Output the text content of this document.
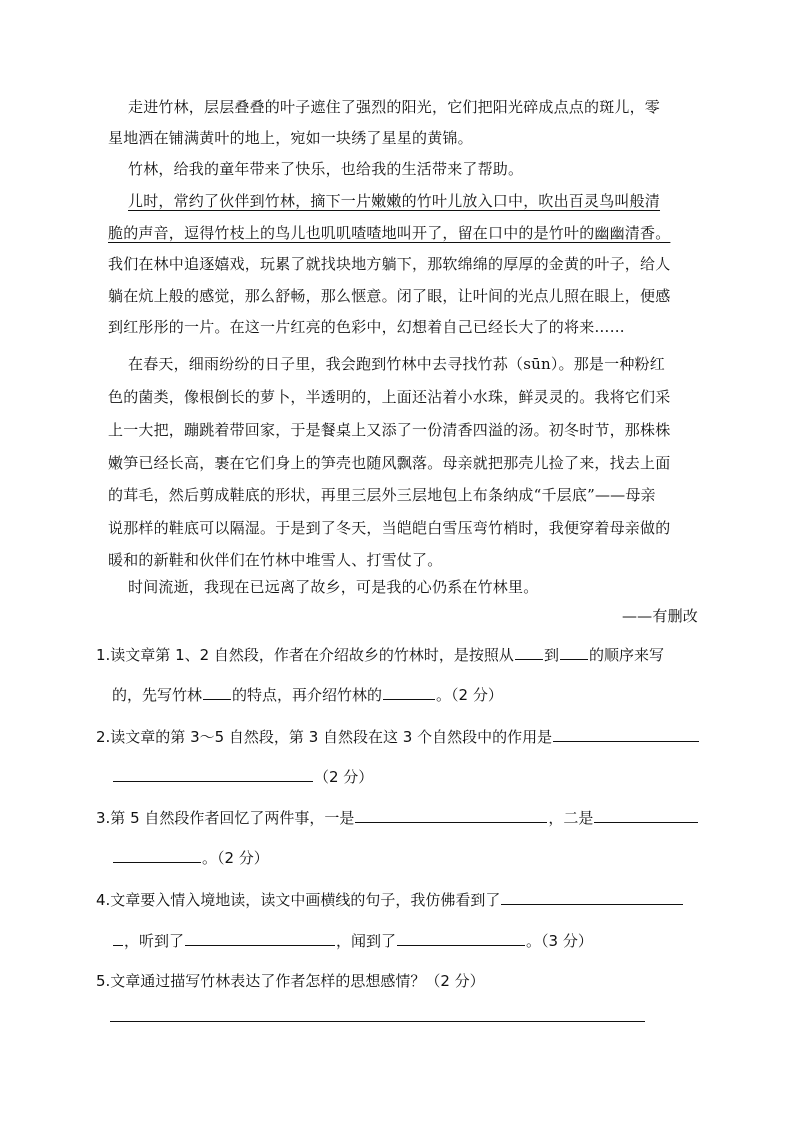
走进竹林，层层叠叠的叶子遮住了强烈的阳光，它们把阳光碎成点点的斑儿，零
星地洒在铺满黄叶的地上，宛如一块绣了星星的黄锦。
竹林，给我的童年带来了快乐，也给我的生活带来了帮助。
儿时，常约了伙伴到竹林，摘下一片嫩嫩的竹叶儿放入口中，吹出百灵鸟叫般清
脆的声音，逗得竹枝上的鸟儿也叽叽喳喳地叫开了，留在口中的是竹叶的幽幽清香。
我们在林中追逐嬉戏，玩累了就找块地方躺下，那软绵绵的厚厚的金黄的叶子，给人
躺在炕上般的感觉，那么舒畅，那么惬意。闭了眼，让叶间的光点儿照在眼上，便感
到红彤彤的一片。在这一片红亮的色彩中，幻想着自己已经长大了的将来……
在春天，细雨纷纷的日子里，我会跑到竹林中去寻找竹荪（sūn）。那是一种粉红
色的菌类，像根倒长的萝卜，半透明的，上面还沾着小水珠，鲜灵灵的。我将它们采
上一大把，蹦跳着带回家，于是餐桌上又添了一份清香四溢的汤。初冬时节，那株株
嫩笋已经长高，裹在它们身上的笋壳也随风飘落。母亲就把那壳儿捡了来，找去上面
的茸毛，然后剪成鞋底的形状，再里三层外三层地包上布条纳成“千层底”——母亲
说那样的鞋底可以隔湿。于是到了冬天，当皑皑白雪压弯竹梢时，我便穿着母亲做的
暖和的新鞋和伙伴们在竹林中堆雪人、打雪仗了。
时间流逝，我现在已远离了故乡，可是我的心仍系在竹林里。
——有删改
1.读文章第 1、2 自然段，作者在介绍故乡的竹林时，是按照从 到 的顺序来写
的，先写竹林 的特点，再介绍竹林的	。（2 分）
2.读文章的第 3～5 自然段，第 3 自然段在这 3 个自然段中的作用是
（2 分）
3.第 5 自然段作者回忆了两件事，一是	，二是
。（2 分）
4.文章要入情入境地读，读文中画横线的句子，我仿佛看到了
，听到了	，闻到了	。（3 分）
5.文章通过描写竹林表达了作者怎样的思想感情？（2 分）
